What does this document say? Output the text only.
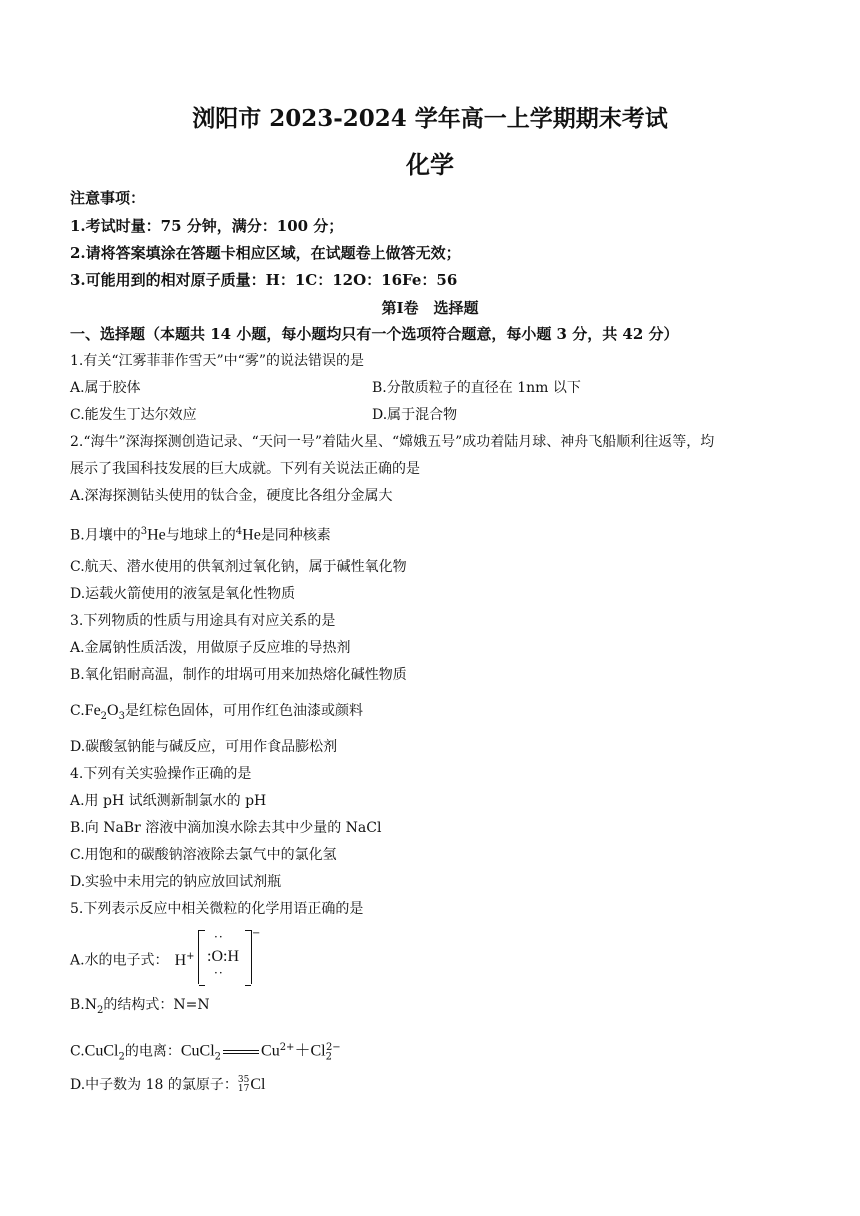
浏阳市 2023-2024 学年高一上学期期末考试
化学
注意事项：
1.考试时量：75 分钟，满分：100 分；
2.请将答案填涂在答题卡相应区域，在试题卷上做答无效；
3.可能用到的相对原子质量：H：1C：12O：16Fe：56
第Ⅰ卷　选择题
一、选择题（本题共 14 小题，每小题均只有一个选项符合题意，每小题 3 分，共 42 分）
1.有关“江雾菲菲作雪天”中“雾”的说法错误的是
A.属于胶体	B.分散质粒子的直径在 1nm 以下
C.能发生丁达尔效应	D.属于混合物
2.“海牛”深海探测创造记录、“天问一号”着陆火星、“嫦娥五号”成功着陆月球、神舟飞船顺利往返等，均
展示了我国科技发展的巨大成就。下列有关说法正确的是
A.深海探测钻头使用的钛合金，硬度比各组分金属大
B.月壤中的$^3$He与地球上的$^4$He是同种核素
C.航天、潜水使用的供氧剂过氧化钠，属于碱性氧化物
D.运载火箭使用的液氢是氧化性物质
3.下列物质的性质与用途具有对应关系的是
A.金属钠性质活泼，用做原子反应堆的导热剂
B.氧化铝耐高温，制作的坩埚可用来加热熔化碱性物质
$C.Fe_2O_3$是红棕色固体，可用作红色油漆或颜料
D.碳酸氢钠能与碱反应，可用作食品膨松剂
4.下列有关实验操作正确的是
A.用 pH 试纸测新制氯水的 pH
B.向 NaBr 溶液中滴加溴水除去其中少量的 NaCl
C.用饱和的碳酸钠溶液除去氯气中的氯化氢
D.实验中未用完的钠应放回试剂瓶
5.下列表示反应中相关微粒的化学用语正确的是
A.水的电子式： H+
··
:O:H
··
−
$B.N_2$的结构式：N=N
C.CuCl$_2$的电离：CuCl$_2$	$Cu^{2+}+Cl_2^{2-}$
D.中子数为 18 的氯原子：35
17Cl
